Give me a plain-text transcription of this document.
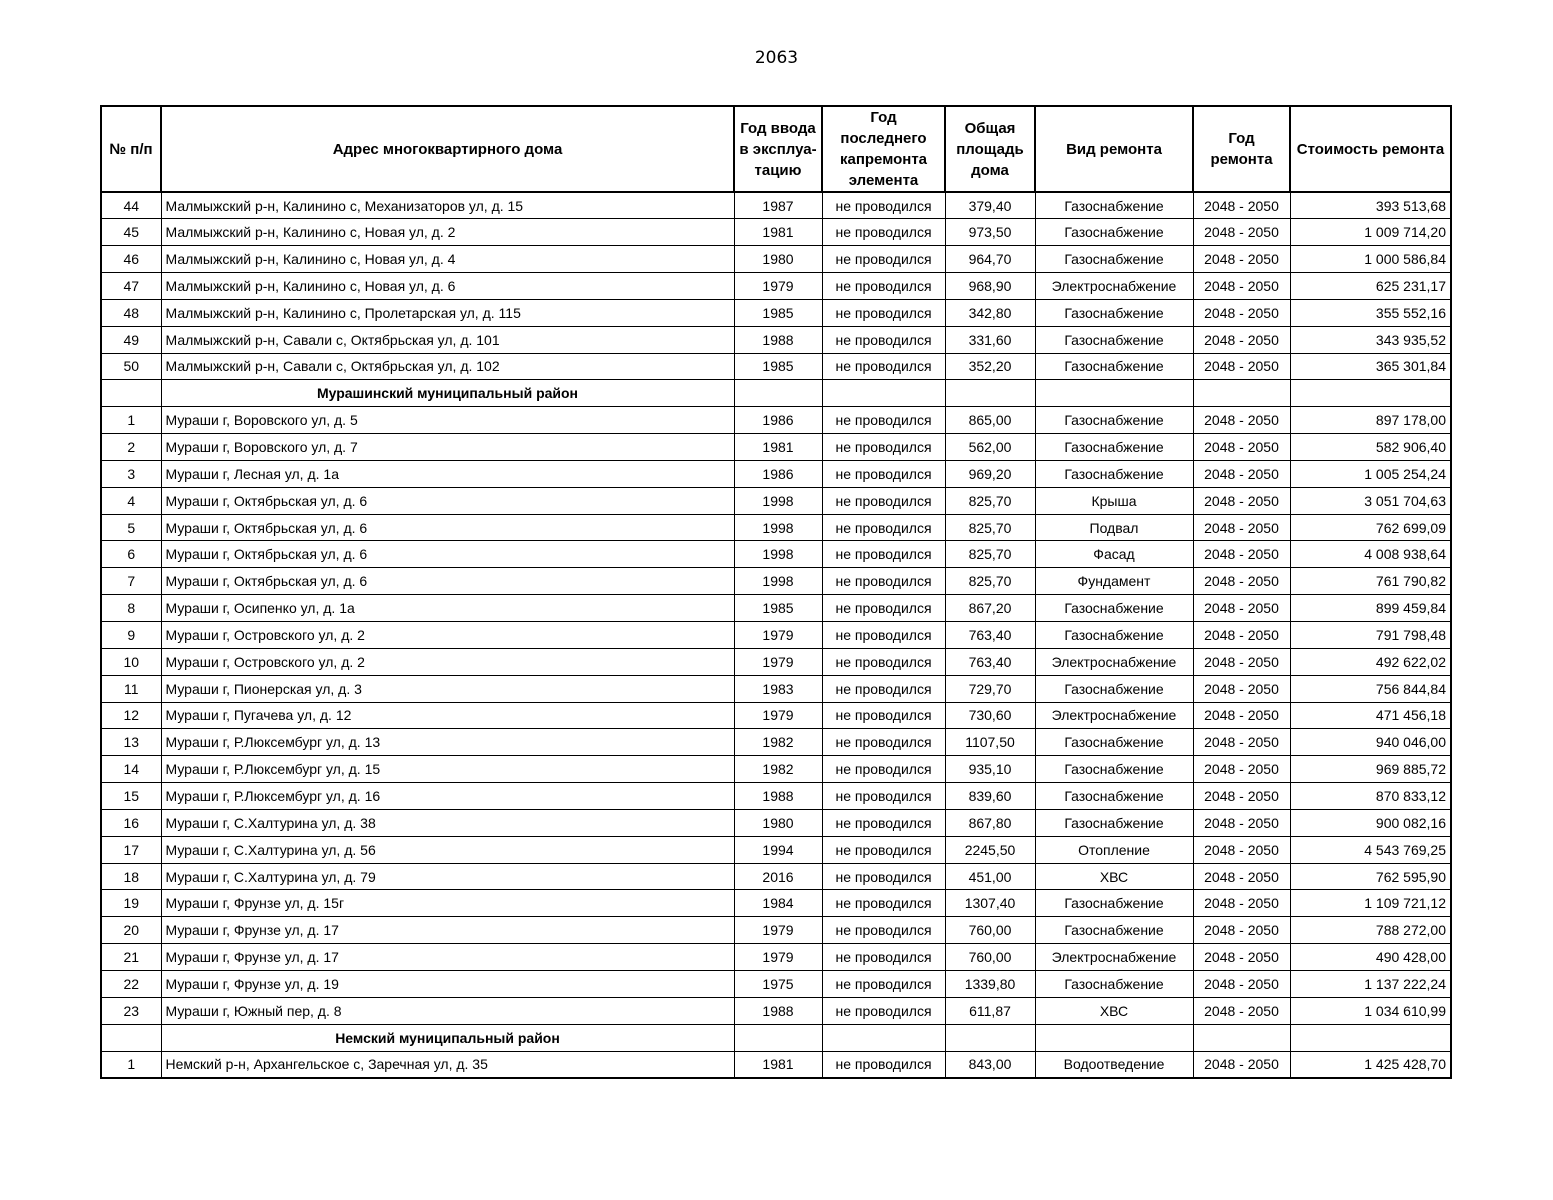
2063
№ п/п	Адрес многоквартирного дома	Год ввода в эксплуа-тацию	Год последнего капремонта элемента	Общая площадь дома	Вид ремонта	Год ремонта	Стоимость ремонта
44	Малмыжский р-н, Калинино с, Механизаторов ул, д. 15	1987	не проводился	379,40	Газоснабжение	2048 - 2050	393 513,68
45	Малмыжский р-н, Калинино с, Новая ул, д. 2	1981	не проводился	973,50	Газоснабжение	2048 - 2050	1 009 714,20
46	Малмыжский р-н, Калинино с, Новая ул, д. 4	1980	не проводился	964,70	Газоснабжение	2048 - 2050	1 000 586,84
47	Малмыжский р-н, Калинино с, Новая ул, д. 6	1979	не проводился	968,90	Электроснабжение	2048 - 2050	625 231,17
48	Малмыжский р-н, Калинино с, Пролетарская ул, д. 115	1985	не проводился	342,80	Газоснабжение	2048 - 2050	355 552,16
49	Малмыжский р-н, Савали с, Октябрьская ул, д. 101	1988	не проводился	331,60	Газоснабжение	2048 - 2050	343 935,52
50	Малмыжский р-н, Савали с, Октябрьская ул, д. 102	1985	не проводился	352,20	Газоснабжение	2048 - 2050	365 301,84
	Мурашинский муниципальный район						
1	Мураши г, Воровского ул, д. 5	1986	не проводился	865,00	Газоснабжение	2048 - 2050	897 178,00
2	Мураши г, Воровского ул, д. 7	1981	не проводился	562,00	Газоснабжение	2048 - 2050	582 906,40
3	Мураши г, Лесная ул, д. 1а	1986	не проводился	969,20	Газоснабжение	2048 - 2050	1 005 254,24
4	Мураши г, Октябрьская ул, д. 6	1998	не проводился	825,70	Крыша	2048 - 2050	3 051 704,63
5	Мураши г, Октябрьская ул, д. 6	1998	не проводился	825,70	Подвал	2048 - 2050	762 699,09
6	Мураши г, Октябрьская ул, д. 6	1998	не проводился	825,70	Фасад	2048 - 2050	4 008 938,64
7	Мураши г, Октябрьская ул, д. 6	1998	не проводился	825,70	Фундамент	2048 - 2050	761 790,82
8	Мураши г, Осипенко ул, д. 1а	1985	не проводился	867,20	Газоснабжение	2048 - 2050	899 459,84
9	Мураши г, Островского ул, д. 2	1979	не проводился	763,40	Газоснабжение	2048 - 2050	791 798,48
10	Мураши г, Островского ул, д. 2	1979	не проводился	763,40	Электроснабжение	2048 - 2050	492 622,02
11	Мураши г, Пионерская ул, д. 3	1983	не проводился	729,70	Газоснабжение	2048 - 2050	756 844,84
12	Мураши г, Пугачева ул, д. 12	1979	не проводился	730,60	Электроснабжение	2048 - 2050	471 456,18
13	Мураши г, Р.Люксембург ул, д. 13	1982	не проводился	1107,50	Газоснабжение	2048 - 2050	940 046,00
14	Мураши г, Р.Люксембург ул, д. 15	1982	не проводился	935,10	Газоснабжение	2048 - 2050	969 885,72
15	Мураши г, Р.Люксембург ул, д. 16	1988	не проводился	839,60	Газоснабжение	2048 - 2050	870 833,12
16	Мураши г, С.Халтурина ул, д. 38	1980	не проводился	867,80	Газоснабжение	2048 - 2050	900 082,16
17	Мураши г, С.Халтурина ул, д. 56	1994	не проводился	2245,50	Отопление	2048 - 2050	4 543 769,25
18	Мураши г, С.Халтурина ул, д. 79	2016	не проводился	451,00	ХВС	2048 - 2050	762 595,90
19	Мураши г, Фрунзе ул, д. 15г	1984	не проводился	1307,40	Газоснабжение	2048 - 2050	1 109 721,12
20	Мураши г, Фрунзе ул, д. 17	1979	не проводился	760,00	Газоснабжение	2048 - 2050	788 272,00
21	Мураши г, Фрунзе ул, д. 17	1979	не проводился	760,00	Электроснабжение	2048 - 2050	490 428,00
22	Мураши г, Фрунзе ул, д. 19	1975	не проводился	1339,80	Газоснабжение	2048 - 2050	1 137 222,24
23	Мураши г, Южный пер, д. 8	1988	не проводился	611,87	ХВС	2048 - 2050	1 034 610,99
	Немский муниципальный район						
1	Немский р-н, Архангельское с, Заречная ул, д. 35	1981	не проводился	843,00	Водоотведение	2048 - 2050	1 425 428,70
